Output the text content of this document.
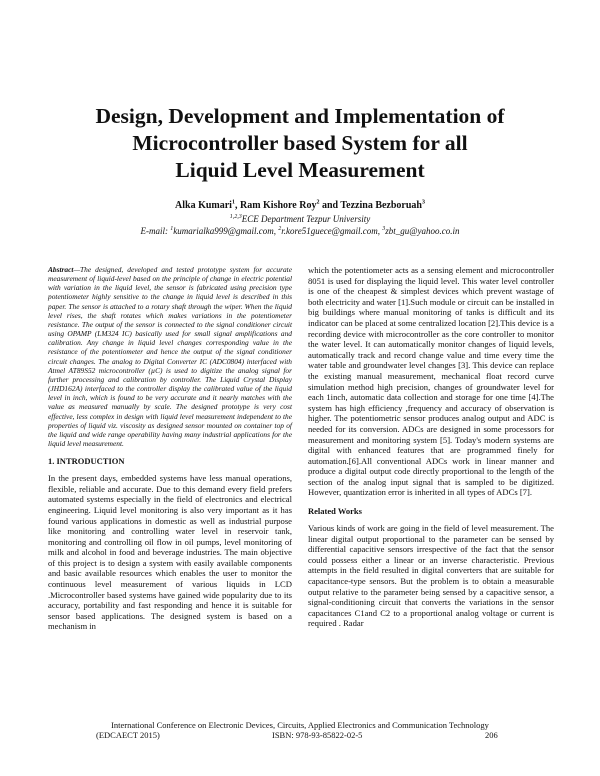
Design, Development and Implementation of
Microcontroller based System for all
Liquid Level Measurement
Alka Kumari$^1$, Ram Kishore Roy$^2$ and Tezzina Bezboruah$^3$
$^{1,2,3}$ECE Department Tezpur University
E-mail: $^1$kumarialka999@gmail.com, $^2$r.kore51guece@gmail.com, $^3$zbt_gu@yahoo.co.in

Abstract—The designed, developed and tested prototype system for accurate measurement of liquid-level based on the principle of change in electric potential with variation in the liquid level, the sensor is fabricated using precision type potentiometer highly sensitive to the change in liquid level is described in this paper. The sensor is attached to a rotary shaft through the wiper. When the liquid level rises, the shaft rotates which makes variations in the potentiometer resistance. The output of the sensor is connected to the signal conditioner circuit using OPAMP (LM324 IC) basically used for small signal amplifications and calibration. Any change in liquid level changes corresponding value in the resistance of the potentiometer and hence the output of the signal conditioner circuit changes. The analog to Digital Converter IC (ADC0804) interfaced with Atmel AT89S52 microcontroller (µC) is used to digitize the analog signal for further processing and calibration by controller. The Liquid Crystal Display (JHD162A) interfaced to the controller display the calibrated value of the liquid level in inch, which is found to be very accurate and it nearly matches with the value as measured manually by scale. The designed prototype is very cost effective, less complex in design with liquid level measurement independent to the properties of liquid viz. viscosity as designed sensor mounted on container top of the liquid and wide range operability having many industrial applications for the liquid level measurement.

1. INTRODUCTION

In the present days, embedded systems have less manual operations, flexible, reliable and accurate. Due to this demand every field prefers automated systems especially in the field of electronics and electrical engineering. Liquid level monitoring is also very important as it has found various applications in domestic as well as industrial purpose like monitoring and controlling water level in reservoir tank, monitoring and controlling oil flow in oil pumps, level monitoring of milk and alcohol in food and beverage industries. The main objective of this project is to design a system with easily available components and basic available resources which enables the user to monitor the continuous level measurement of various liquids in LCD .Microcontroller based systems have gained wide popularity due to its accuracy, portability and fast responding and hence it is suitable for sensor based applications. The designed system is based on a mechanism in

which the potentiometer acts as a sensing element and microcontroller 8051 is used for displaying the liquid level. This water level controller is one of the cheapest & simplest devices which prevent wastage of both electricity and water [1].Such module or circuit can be installed in big buildings where manual monitoring of tanks is difficult and its indicator can be placed at some centralized location [2].This device is a recording device with microcontroller as the core controller to monitor the water level. It can automatically monitor changes of liquid levels, automatically track and record change value and time every time the water table and groundwater level changes [3]. This device can replace the existing manual measurement, mechanical float record curve simulation method high precision, changes of groundwater level for each 1inch, automatic data collection and storage for one time [4].The system has high efficiency ,frequency and accuracy of observation is higher. The potentiometric sensor produces analog output and ADC is needed for its conversion. ADCs are designed in some processors for measurement and monitoring system [5]. Today's modern systems are digital with enhanced features that are programmed finely for automation.[6].All conventional ADCs work in linear manner and produce a digital output code directly proportional to the length of the section of the analog input signal that is sampled to be digitized. However, quantization error is inherited in all types of ADCs [7].

Related Works

Various kinds of work are going in the field of level measurement. The linear digital output proportional to the parameter can be sensed by differential capacitive sensors irrespective of the fact that the sensor could possess either a linear or an inverse characteristic. Previous attempts in the field resulted in digital converters that are suitable for capacitance-type sensors. But the problem is to obtain a measurable output relative to the parameter being sensed by a capacitive sensor, a signal-conditioning circuit that converts the variations in the sensor capacitances C1and C2 to a proportional analog voltage or current is required . Radar

International Conference on Electronic Devices, Circuits, Applied Electronics and Communication Technology
(EDCAECT 2015)	ISBN: 978-93-85822-02-5	206
